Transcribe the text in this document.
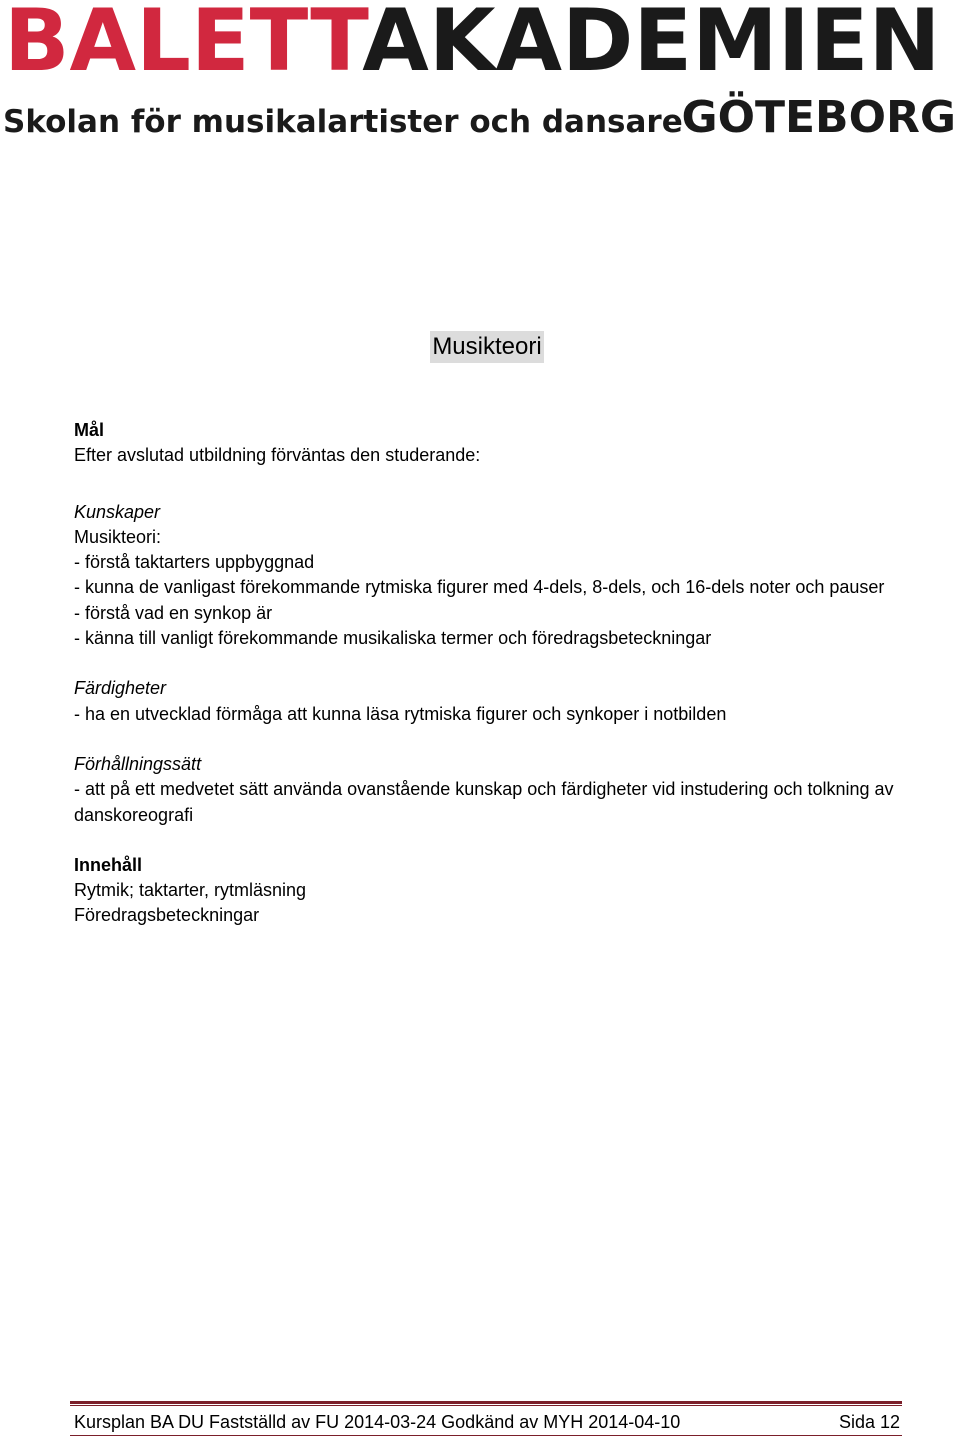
BALETTAKADEMIEN
Skolan för musikalartister och dansare
GÖTEBORG
Musikteori

Mål

Efter avslutad utbildning förväntas den studerande:

Kunskaper

Musikteori:

- förstå taktarters uppbyggnad

- kunna de vanligast förekommande rytmiska figurer med 4-dels, 8-dels, och 16-dels noter och pauser

- förstå vad en synkop är

- känna till vanligt förekommande musikaliska termer och föredragsbeteckningar

Färdigheter

- ha en utvecklad förmåga att kunna läsa rytmiska figurer och synkoper i notbilden

Förhållningssätt

- att på ett medvetet sätt använda ovanstående kunskap och färdigheter vid instudering och tolkning av danskoreografi

Innehåll

Rytmik; taktarter, rytmläsning

Föredragsbeteckningar

Kursplan BA DU Fastställd av FU 2014-03-24 Godkänd av MYH 2014-04-10	Sida 12
